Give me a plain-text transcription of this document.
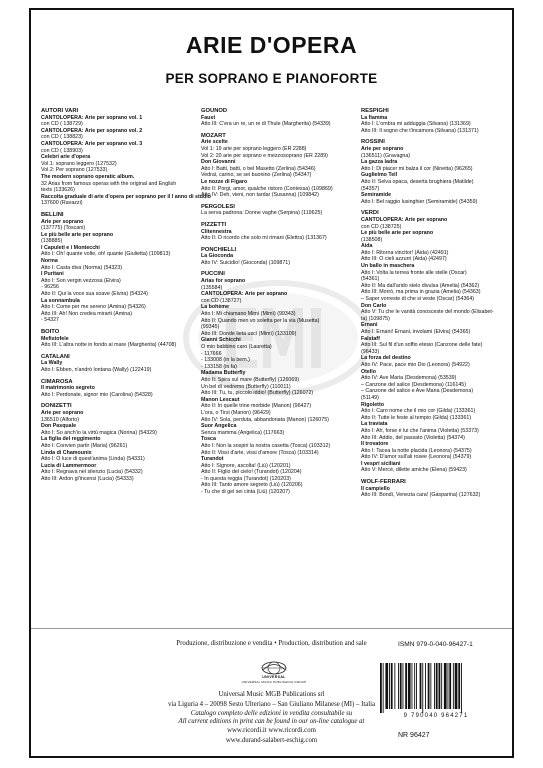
ARIE D'OPERA
PER SOPRANO E PIANOFORTE
AUTORI VARI
CANTOLOPERA: Arie per soprano vol. 1
con CD ( 138729)
CANTOLOPERA: Arie per soprano vol. 2
con CD ( 138823)
CANTOLOPERA: Arie per soprano vol. 3
con CD ( 138903)
Celebri arie d'opera
Vol.1: soprano leggero (127532)
Vol.2: Per soprano (127533)
The modern soprano operatic album.
32 Arias from famous operas with the original and English
texts (133626)
Raccolta graduale di arie d'opera per soprano per il I anno di studio
137600 (Ravazzi)
BELLINI
Arie per soprano
(137775) (Toscani)
Le più belle arie per soprano
(138885)
I Capuleti e i Montecchi
Atto I: Oh! quante volte, oh! quante (Giulietta) (109813)
Norma
Atto I: Casta diva (Norma) (54323)
I Puritani
Atto I: Son vergin vezzosa (Elvira)
- 96256
Atto II: Qui la voce sua soave (Elvira) (54324)
La sonnambula
Atto I: Come per me sereno (Amina) (54326)
Atto III: Ah! Non credea mirarti (Amina)
- 54327
BOITO
Mefistofele
Atto III: L'altra notte in fondo al mare (Margherita) (44708)
CATALANI
La Wally
Atto I: Ebben, n'andrò lontana (Wally) (122419)
CIMAROSA
Il matrimonio segreto
Atto I: Perdonate, signor mio (Carolina) (54328)
DONIZETTI
Arie per soprano
136510 (Alforto)
Don Pasquale
Atto I: So anch'io la virtù magica (Norina) (54329)
La figlia del reggimento
Atto I: Convien partir (Maria) (96261)
Linda di Chamounix
Atto I: O luce di quest'anima (Linda) (54331)
Lucia di Lammermoor
Atto I: Regnava nel silenzio (Lucia) (54332)
Atto III: Ardon gl'incensi (Lucia) (54333)
GOUNOD
Faust
Atto III: C'era un re, un re di Thule (Margherita) (54339)
MOZART
Arie scelte
Vol 1: 19 arie per soprano leggero (ER 2288)
Vol 2: 20 arie per soprano e mezzosoprano (ER 2289)
Don Giovanni
Atto I: Batti, batti, o bel Masetto (Zerlina) (54346)
Vedrai, carino, se sei buonino (Zerlina) (54347)
Le nozze di Figaro
Atto II: Porgi, amor, qualche ristoro (Contessa) (109869)
Atto IV: Deh, vieni, non tardar (Susanna) (109842)
PERGOLESI
La serva padrona: Donne vaghe (Serpina) (119625)
PIZZETTI
Clitennestra
Atto II: O ricordo che solo mi rimani (Elettra) (131367)
PONCHIELLI
La Gioconda
Atto IV: Suicidio! (Gioconda) (109871)
PUCCINI
Arias for soprano
(135584)
CANTOLOPERA: Arie per soprano
con CD (138727)
La bohème
Atto I: Mi chiamano Mimì (Mimì) (99343)
Atto II: Quando men vo soletta per la via (Musetta)
(99345)
Atto III: Donde lieta uscì (Mimì) (133109)
Gianni Schicchi
O mio babbino caro (Lauretta)
- 117666
- 133008 (in la bem.)
- 133158 (in fa)
Madama Butterfly
Atto II: Spira sul mare (Butterfly) (126069)
Un bel dì vedremo (Butterfly) (110011)
Atto III: Tu, tu, piccolo iddio! (Butterfly) (126072)
Manon Lescaut
Atto II: In quelle trine morbide (Manon) (96427)
L'ora, o Tirsi (Manon) (96429)
Atto IV: Sola, perduta, abbandonata (Manon) (126075)
Suor Angelica
Senza mamma (Angelica) (117663)
Tosca
Atto I: Non la sospiri la nostra casetta (Tosca) (103312)
Atto II: Vissi d'arte, vissi d'amore (Tosca) (103314)
Turandot
Atto I: Signore, ascolta! (Liù) (120201)
Atto II: Figlio del cielo! (Turandot) (120204)
- In questa reggia (Turandot) (120203)
Atto III: Tanto amore segreto (Liù) (120206)
- Tu che di gel sei cinta (Liù) (120207)
RESPIGHI
La fiamma
Atto I: L'ombra mi adduggia (Silvana) (131369)
Atto III: Il sogno che t'incamora (Silvana) (131371)
ROSSINI
Arie per soprano
(136511) (Gravagna)
La gazza ladra
Atto I: Di piacer mi balza il cor (Ninetta) (96265)
Guglielmo Tell
Atto II: Selva opaca, deserta brughiera (Matilde)
(54357)
Semiramide
Atto I: Bel raggio lusinghier (Semiramide) (54359)
VERDI
CANTOLOPERA: Arie per soprano
con CD (138725)
Le più belle arie per soprano
(138508)
Aida
Atto I: Ritorna vincitor! (Aida) (42491)
Atto III: O cieli azzurri (Aida) (42497)
Un ballo in maschera
Atto I: Volta la terrea fronte alle stelle (Oscar)
(54361)
Atto II: Ma dall'arido stelo divulsa (Amelia) (54362)
Atto III: Morrò, ma prima in grazia (Amelia) (54363)
– Saper vorreste di che si veste (Oscar) (54364)
Don Carlo
Atto V: Tu che le vanità conosceste del mondo (Elisabet-
ta) (109875)
Ernani
Atto I: Ernani! Ernani, involami (Elvira) (54365)
Falstaff
Atto III: Sul fil d'un soffio etesio (Canzone delle fate)
(96433)
La forza del destino
Atto IV: Pace, pace mio Dio (Leonora) (54922)
Otello
Atto IV: Ave Maria (Desdemona) (53539)
– Canzone del salice (Desdemona) (116145)
– Canzone del salice e Ave Maria (Desdemona)
(51149)
Rigoletto
Atto I: Caro nome che il mio cor (Gilda) (133361)
Atto II: Tutte le feste al tempio (Gilda) (133361)
La traviata
Atto I: Ah, forse è lui che l'anima (Violetta) (53373)
Atto III: Addio, del passato (Violetta) (54374)
Il trovatore
Atto I: Tacea la notte placida (Leonora) (54375)
Atto IV: D'amor sull'ali rosee (Leonora) (54379)
I vespri siciliani
Atto V: Mercé, dilette amiche (Elena) (59423)
WOLF-FERRARI
Il campiello
Atto III: Bondì, Venezia cara! (Gasparina) (127632)
Produzione, distribuzione e vendita • Production, distribution and sale
UNIVERSAL
UNIVERSAL MUSIC PUBLISHING GROUP
Universal Music MGB Publications srl
via Liguria 4 – 20098 Sesto Ulteriano – San Giuliano Milanese (MI) – Italia
Catalogo completo delle edizioni in vendita consultabile su
All current editions in print can be found in our on-line catalogue at
www.ricordi.it www.ricordi.com
www.durand-salabert-eschig.com
ISMN 979-0-040-96427-1
9 790040 964271
NR 96427
